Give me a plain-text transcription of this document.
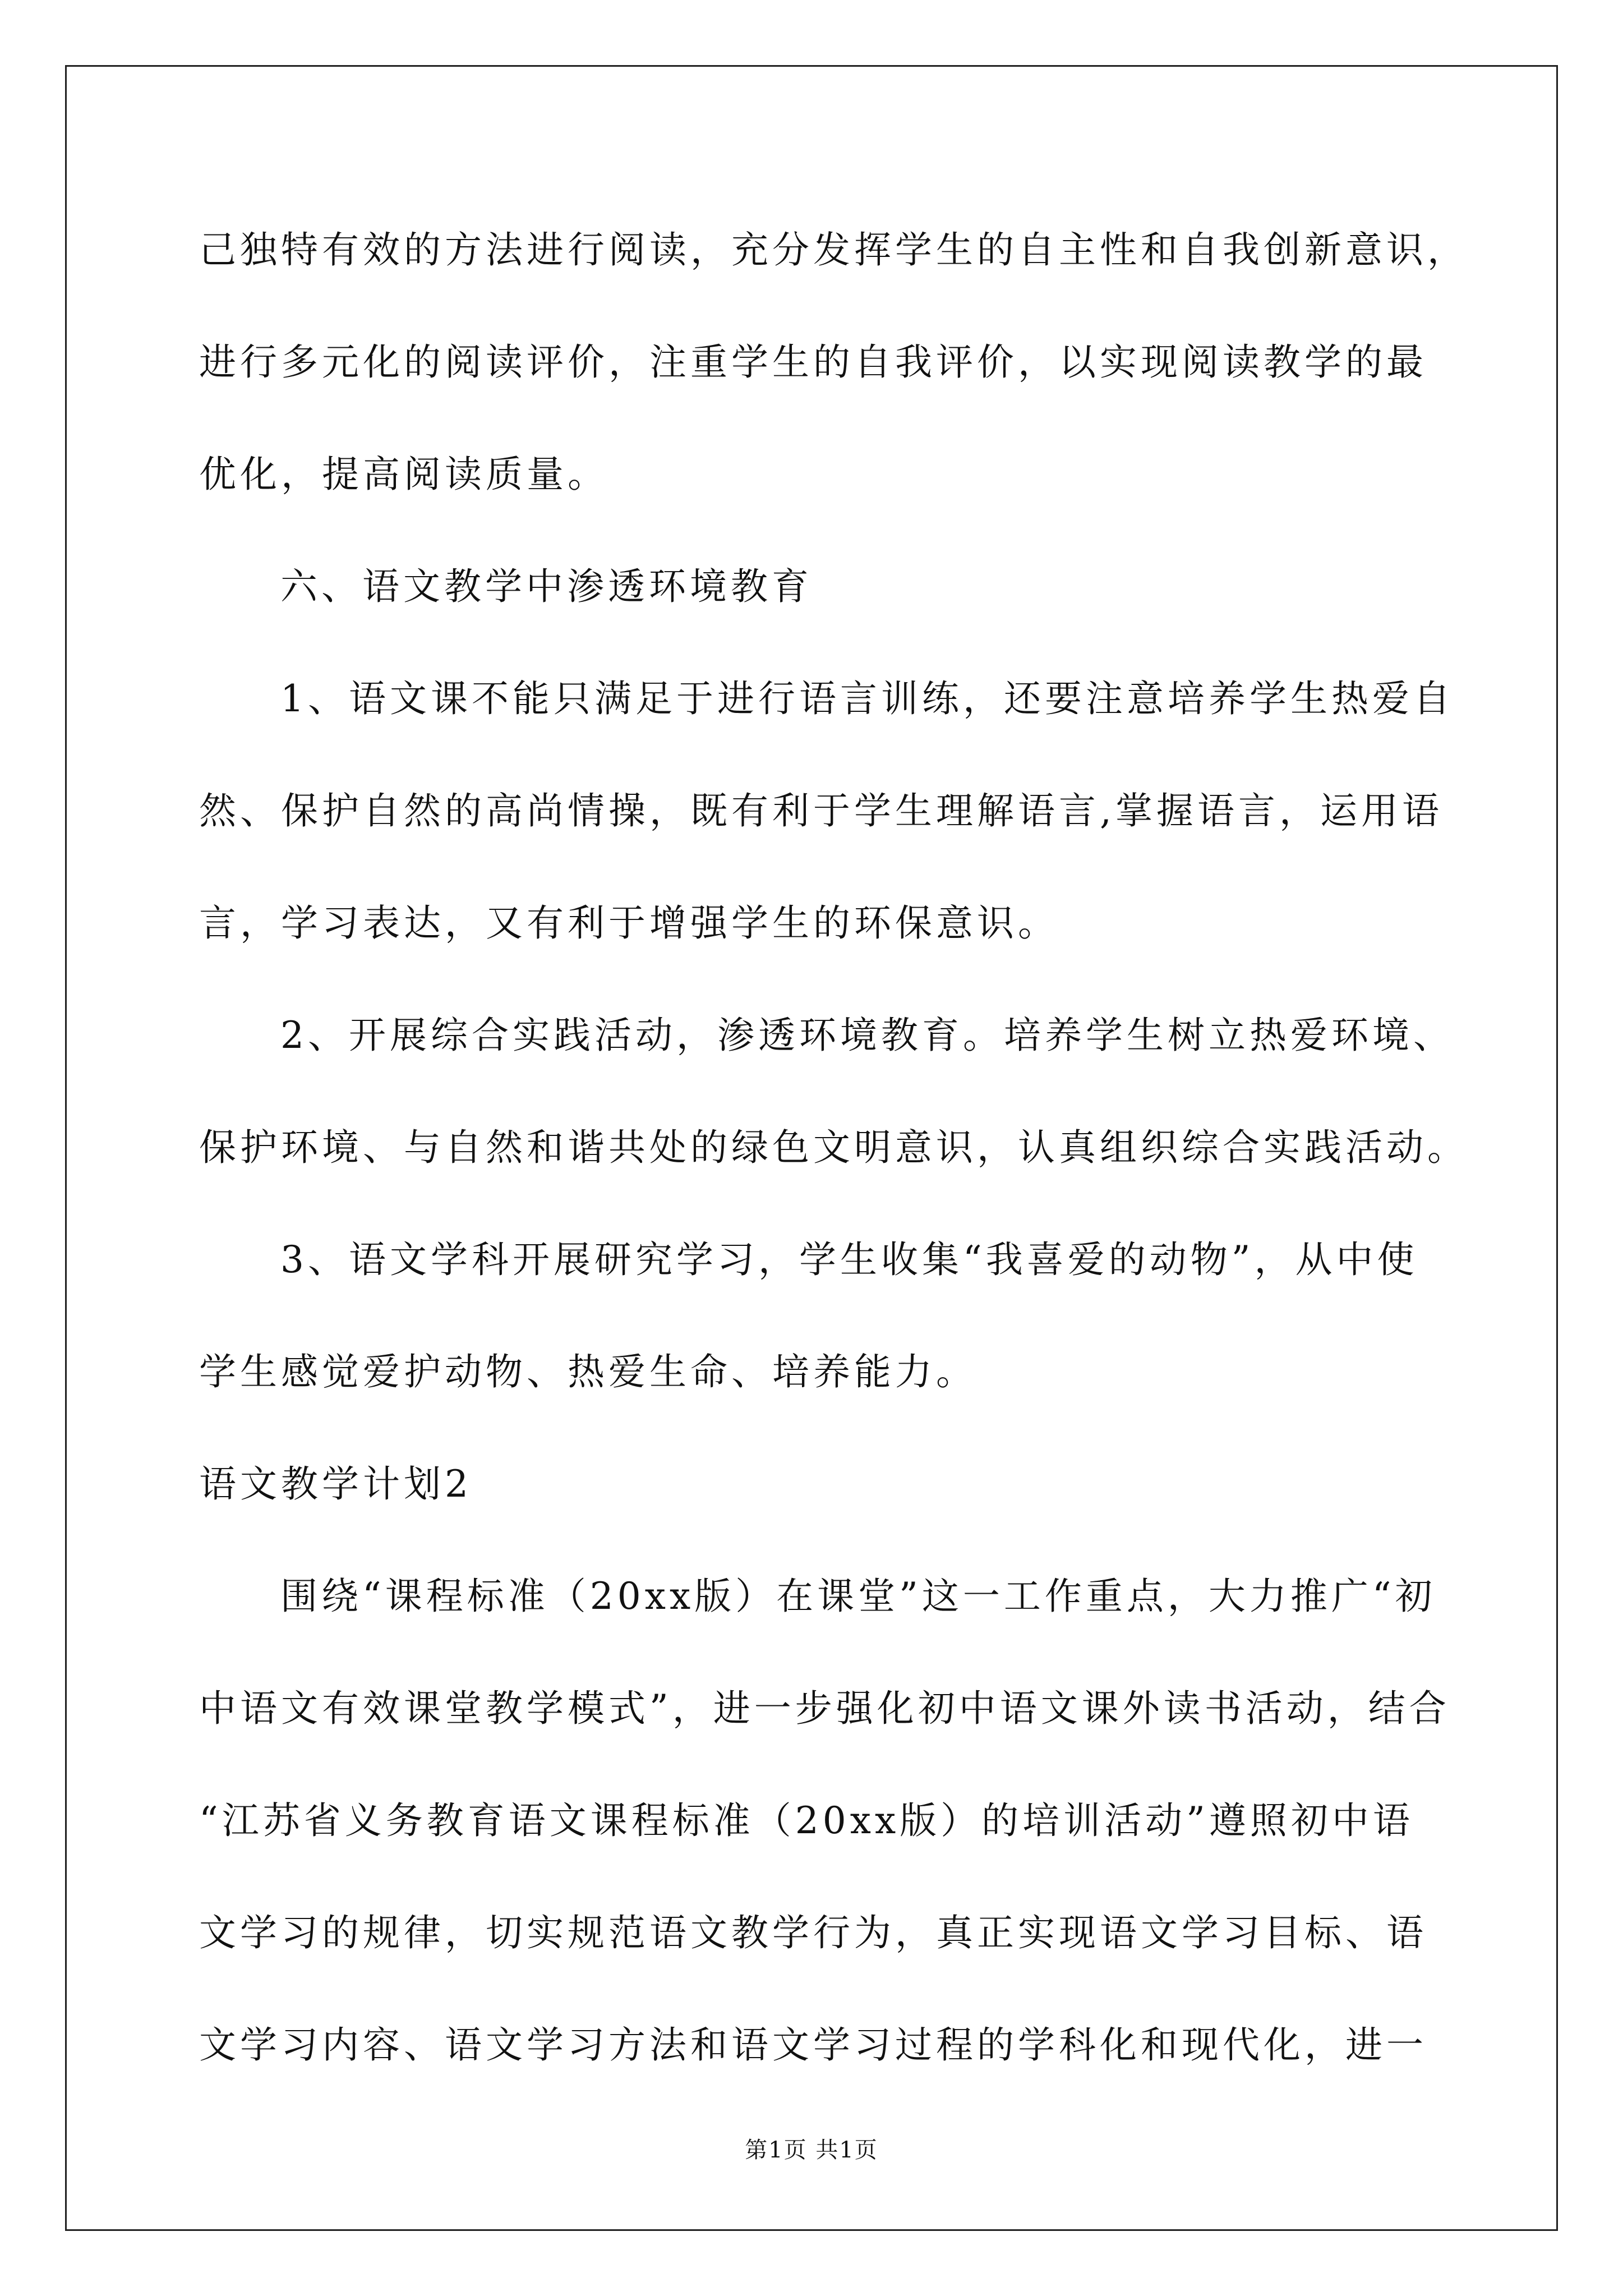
己独特有效的方法进行阅读，充分发挥学生的自主性和自我创新意识，
进行多元化的阅读评价，注重学生的自我评价，以实现阅读教学的最
优化，提高阅读质量。
六、语文教学中渗透环境教育
1、语文课不能只满足于进行语言训练，还要注意培养学生热爱自
然、保护自然的高尚情操，既有利于学生理解语言,掌握语言，运用语
言，学习表达，又有利于增强学生的环保意识。
2、开展综合实践活动，渗透环境教育。培养学生树立热爱环境、
保护环境、与自然和谐共处的绿色文明意识，认真组织综合实践活动。
3、语文学科开展研究学习，学生收集“我喜爱的动物”，从中使
学生感觉爱护动物、热爱生命、培养能力。
语文教学计划2
围绕“课程标准（20xx版）在课堂”这一工作重点，大力推广“初
中语文有效课堂教学模式”，进一步强化初中语文课外读书活动，结合
“江苏省义务教育语文课程标准（20xx版）的培训活动”遵照初中语
文学习的规律，切实规范语文教学行为，真正实现语文学习目标、语
文学习内容、语文学习方法和语文学习过程的学科化和现代化，进一
第1页 共1页
